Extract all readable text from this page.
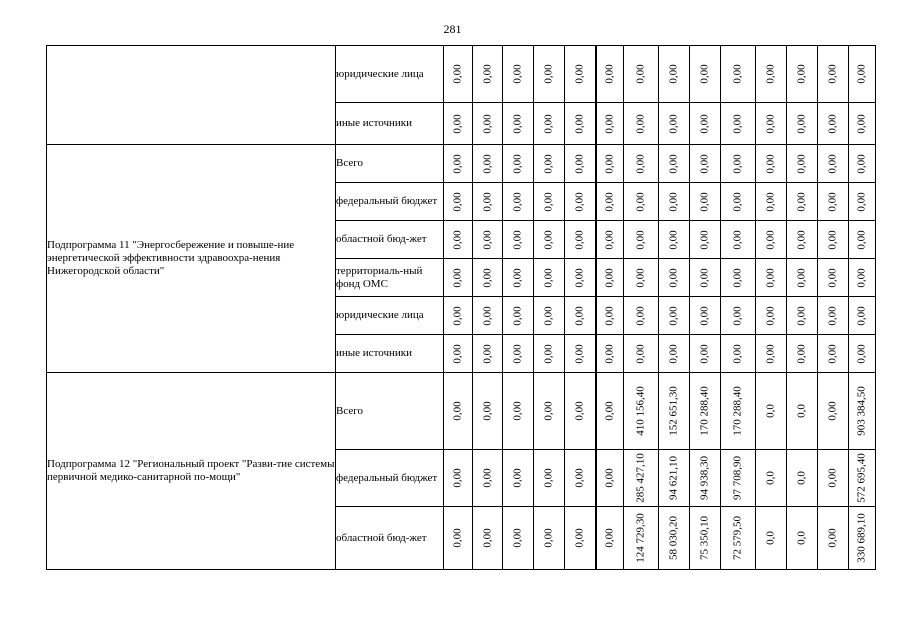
281
	юридические лица	0,00	0,00	0,00	0,00	0,00	0,00	0,00	0,00	0,00	0,00	0,00	0,00	0,00	0,00

	иные источники	0,00	0,00	0,00	0,00	0,00	0,00	0,00	0,00	0,00	0,00	0,00	0,00	0,00	0,00

Подпрограмма 11 "Энергосбережение и повыше-ние энергетической эффективности здравоохра-нения Нижегородской области"	Всего	0,00	0,00	0,00	0,00	0,00	0,00	0,00	0,00	0,00	0,00	0,00	0,00	0,00	0,00

	федеральный бюджет	0,00	0,00	0,00	0,00	0,00	0,00	0,00	0,00	0,00	0,00	0,00	0,00	0,00	0,00

	областной бюд-жет	0,00	0,00	0,00	0,00	0,00	0,00	0,00	0,00	0,00	0,00	0,00	0,00	0,00	0,00

	территориаль-ный фонд ОМС	0,00	0,00	0,00	0,00	0,00	0,00	0,00	0,00	0,00	0,00	0,00	0,00	0,00	0,00

	юридические лица	0,00	0,00	0,00	0,00	0,00	0,00	0,00	0,00	0,00	0,00	0,00	0,00	0,00	0,00

	иные источники	0,00	0,00	0,00	0,00	0,00	0,00	0,00	0,00	0,00	0,00	0,00	0,00	0,00	0,00

Подпрограмма 12 "Региональный проект "Разви-тие системы первичной медико-санитарной по-мощи"	Всего	0,00	0,00	0,00	0,00	0,00	0,00	410 156,40	152 651,30	170 288,40	170 288,40	0,0	0,0	0,00	903 384,50

	федеральный бюджет	0,00	0,00	0,00	0,00	0,00	0,00	285 427,10	94 621,10	94 938,30	97 708,90	0,0	0,0	0,00	572 695,40

	областной бюд-жет	0,00	0,00	0,00	0,00	0,00	0,00	124 729,30	58 030,20	75 350,10	72 579,50	0,0	0,0	0,00	330 689,10
